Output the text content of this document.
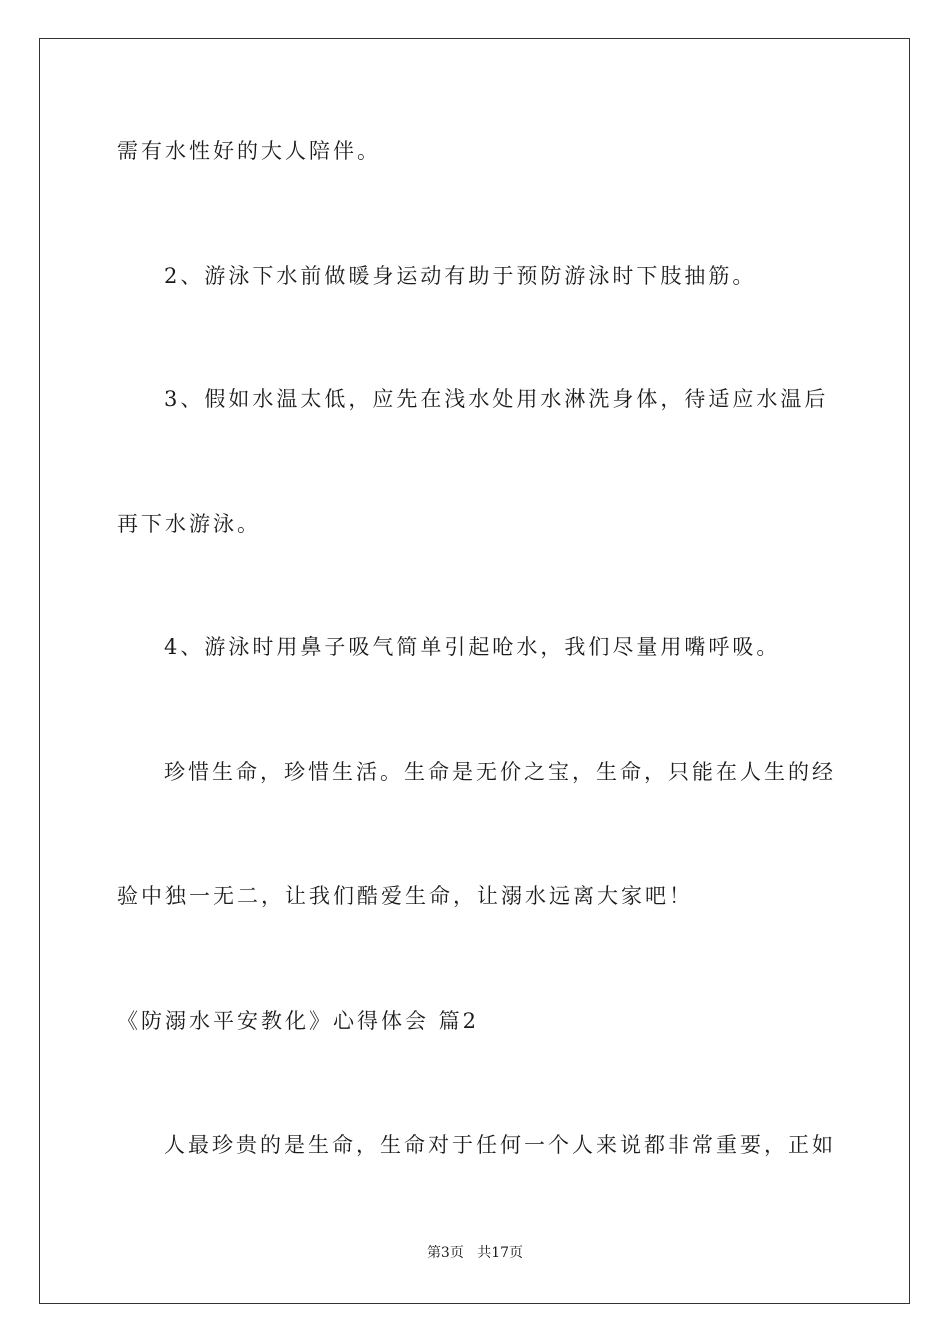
需有水性好的大人陪伴。
2、游泳下水前做暖身运动有助于预防游泳时下肢抽筋。
3、假如水温太低，应先在浅水处用水淋洗身体，待适应水温后
再下水游泳。
4、游泳时用鼻子吸气简单引起呛水，我们尽量用嘴呼吸。
珍惜生命，珍惜生活。生命是无价之宝，生命，只能在人生的经
验中独一无二，让我们酷爱生命，让溺水远离大家吧！
《防溺水平安教化》心得体会 篇2
人最珍贵的是生命，生命对于任何一个人来说都非常重要，正如
第3页 共17页
